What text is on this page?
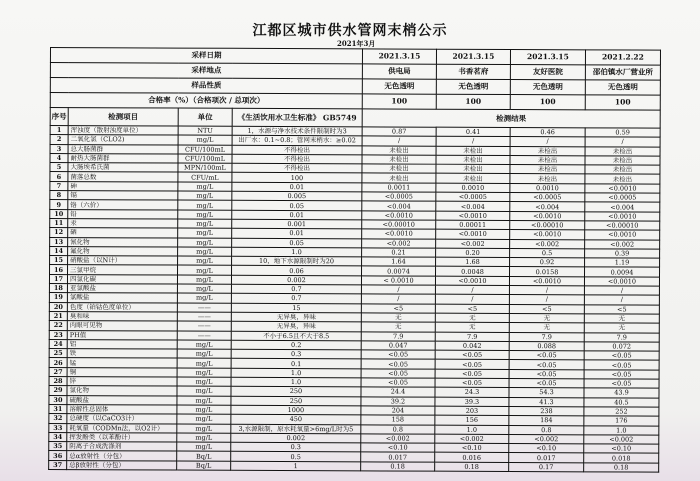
江都区城市供水管网末梢公示
2021年3月
采样日期				2021.3.15	2021.3.15	2021.3.15	2021.2.22
采样地点				供电局	书香茗府	友好医院	邵伯镇水厂营业所
样品性质				无色透明	无色透明	无色透明	无色透明
合格率（%）（合格项次 / 总项次）				100	100	100	100
序号	检测项目	单位	《生活饮用水卫生标准》 GB5749	检测结果			
1	浑浊度（散射浊度单位）	NTU	1，水源与净水技术条件限制时为3	0.87	0.41	0.46	0.59
2	二氧化氯（CLO2)	mg/L	出厂水：0.1~0.8；管网末梢水：≥0.02	/	/	/	/
3	总大肠菌群	CFU/100mL	不得检出	未检出	未检出	未检出	未检出
4	耐热大肠菌群	CFU/100mL	不得检出	未检出	未检出	未检出	未检出
5	大肠埃希氏菌	MPN/100mL	不得检出	未检出	未检出	未检出	未检出
6	菌落总数	CFU/mL	100	未检出	未检出	未检出	未检出
7	砷	mg/L	0.01	0.0011	0.0010	0.0010	<0.0010
8	镉	mg/L	0.005	<0.0005	<0.0005	<0.0005	<0.0005
9	铬（六价）	mg/L	0.05	<0.004	<0.004	<0.004	<0.004
10	铅	mg/L	0.01	<0.0010	<0.0010	<0.0010	<0.0010
11	汞	mg/L	0.001	<0.00010	0.00011	<0.00010	<0.00010
12	硒	mg/L	0.01	<0.0010	<0.0010	<0.0010	<0.0010
13	氰化物	mg/L	0.05	<0.002	<0.002	<0.002	<0.002
14	氟化物	mg/L	1.0	0.21	0.20	0.5	0.39
15	硝酸盐（以N计）	mg/L	10，地下水源限制时为20	1.64	1.68	0.92	1.19
16	三氯甲烷	mg/L	0.06	0.0074	0.0048	0.0158	0.0094
17	四氯化碳	mg/L	0.002	< 0.0010	<0.0010	<0.0010	<0.0010
18	亚氯酸盐	mg/L	0.7	/	/	/	/
19	氯酸盐	mg/L	0.7	/	/	/	/
20	色度（铂钴色度单位）	——	15	<5	<5	<5	<5
21	臭和味	——	无异臭，异味	无	无	无	无
22	肉眼可见物	——	无异臭，异味	无	无	无	无
23	PH值	——	不小于6.5且不大于8.5	7.9	7.9	7.9	7.9
24	铝	mg/L	0.2	0.047	0.042	0.088	0.072
25	铁	mg/L	0.3	<0.05	<0.05	<0.05	<0.05
26	锰	mg/L	0.1	<0.05	<0.05	<0.05	<0.05
27	铜	mg/L	1.0	<0.05	<0.05	<0.05	<0.05
28	锌	mg/L	1.0	<0.05	<0.05	<0.05	<0.05
29	氯化物	mg/L	250	24.4	24.3	54.3	43.9
30	硫酸盐	mg/L	250	39.2	39.3	41.3	40.5
31	溶解性总固体	mg/L	1000	204	203	238	252
32	总硬度（以CaCO3计）	mg/L	450	158	156	184	176
33	耗氧量（CODMn法，以O2计）	mg/L	3,水源限制，原水耗氧量>6mg/L时为5	0.8	1.0	0.8	1.0
34	挥发酚类（以苯酚计）	mg/L	0.002	<0.002	<0.002	<0.002	<0.002
35	阴离子合成洗涤剂	mg/L	0.3	<0.10	<0.10	<0.10	<0.10
36	总α放射性（分包）	Bq/L	0.5	0.017	0.016	0.017	0.018
37	总β放射性（分包）	Bq/L	1	0.18	0.18	0.17	0.18
